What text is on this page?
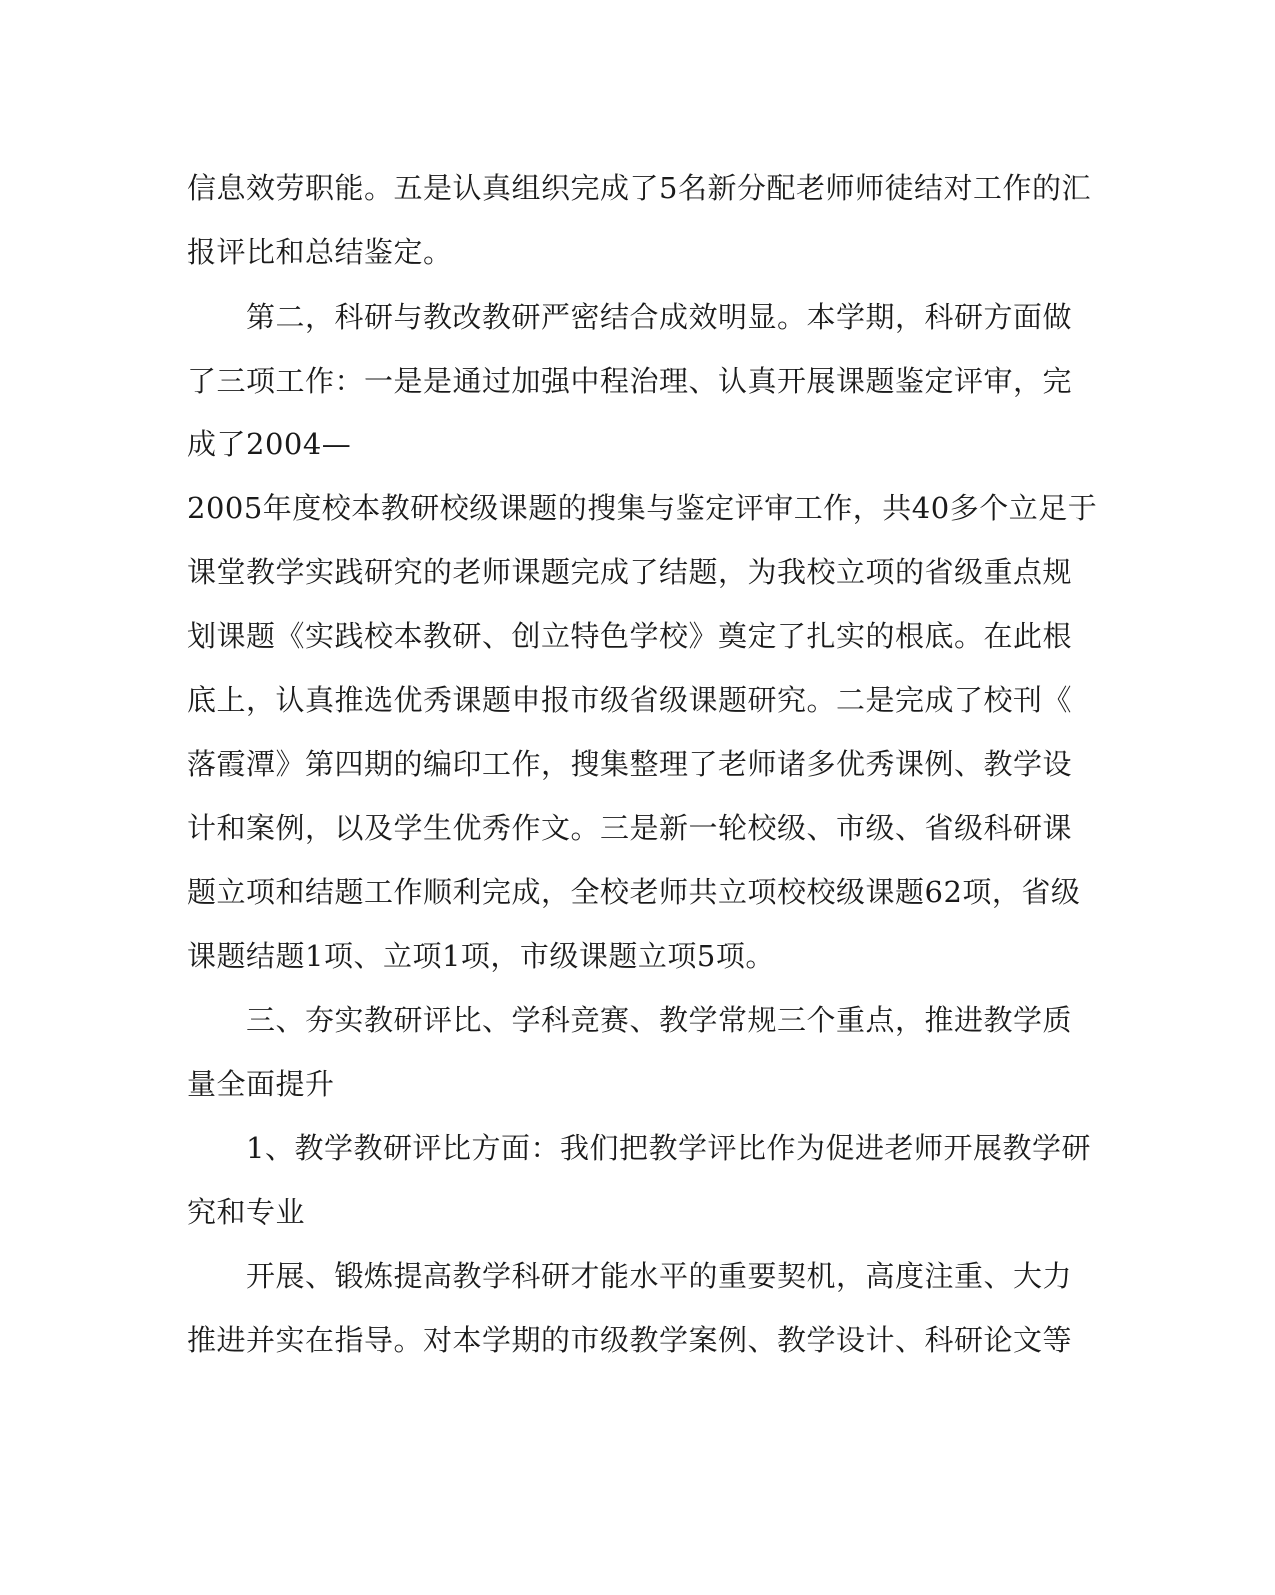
信息效劳职能。五是认真组织完成了5名新分配老师师徒结对工作的汇
报评比和总结鉴定。
　　第二，科研与教改教研严密结合成效明显。本学期，科研方面做
了三项工作：一是是通过加强中程治理、认真开展课题鉴定评审，完
成了2004—
2005年度校本教研校级课题的搜集与鉴定评审工作，共40多个立足于
课堂教学实践研究的老师课题完成了结题，为我校立项的省级重点规
划课题《实践校本教研、创立特色学校》奠定了扎实的根底。在此根
底上，认真推选优秀课题申报市级省级课题研究。二是完成了校刊《
落霞潭》第四期的编印工作，搜集整理了老师诸多优秀课例、教学设
计和案例，以及学生优秀作文。三是新一轮校级、市级、省级科研课
题立项和结题工作顺利完成，全校老师共立项校校级课题62项，省级
课题结题1项、立项1项，市级课题立项5项。
　　三、夯实教研评比、学科竞赛、教学常规三个重点，推进教学质
量全面提升
　　1、教学教研评比方面：我们把教学评比作为促进老师开展教学研
究和专业
　　开展、锻炼提高教学科研才能水平的重要契机，高度注重、大力
推进并实在指导。对本学期的市级教学案例、教学设计、科研论文等
